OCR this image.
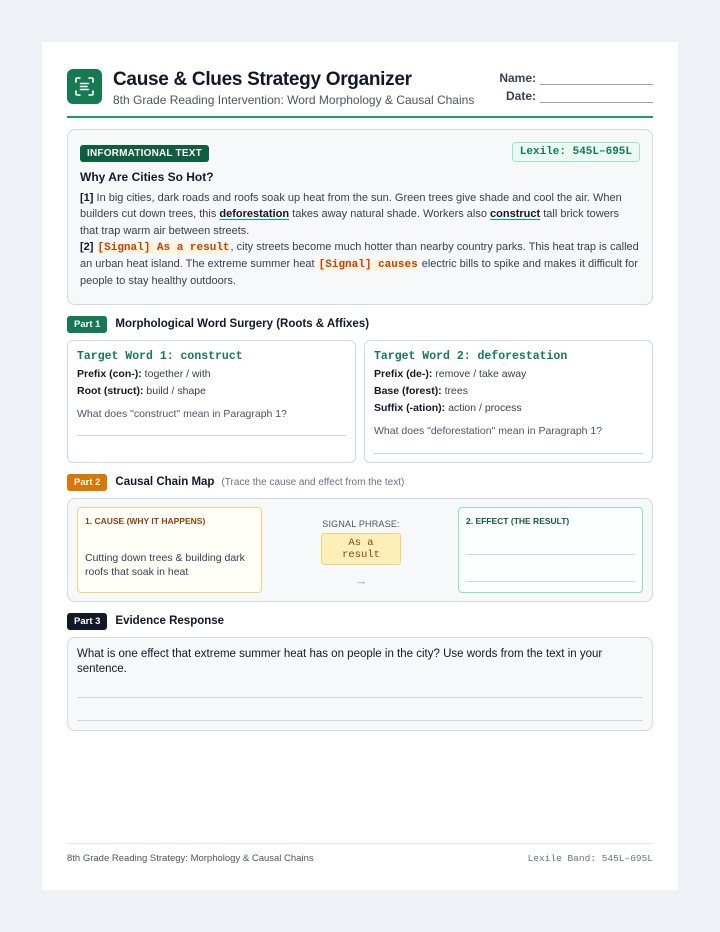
Cause & Clues Strategy Organizer
8th Grade Reading Intervention: Word Morphology & Causal Chains
Name:
Date:
INFORMATIONAL TEXT	Lexile: 545L–695L
Why Are Cities So Hot?
[1] In big cities, dark roads and roofs soak up heat from the sun. Green trees give shade and cool the air. When builders cut down trees, this deforestation takes away natural shade. Workers also construct tall brick towers that trap warm air between streets.
[2] [Signal] As a result, city streets become much hotter than nearby country parks. This heat trap is called an urban heat island. The extreme summer heat [Signal] causes electric bills to spike and makes it difficult for people to stay healthy outdoors.
Part 1	Morphological Word Surgery (Roots & Affixes)
Target Word 1: construct
Prefix (con-): together / with
Root (struct): build / shape
What does "construct" mean in Paragraph 1?
Target Word 2: deforestation
Prefix (de-): remove / take away
Base (forest): trees
Suffix (-ation): action / process
What does "deforestation" mean in Paragraph 1?
Part 2	Causal Chain Map (Trace the cause and effect from the text)
1. CAUSE (WHY IT HAPPENS)
Cutting down trees & building dark roofs that soak in heat
SIGNAL PHRASE:
As a result
→
2. EFFECT (THE RESULT)
Part 3	Evidence Response
What is one effect that extreme summer heat has on people in the city? Use words from the text in your sentence.
8th Grade Reading Strategy: Morphology & Causal Chains	Lexile Band: 545L–695L
